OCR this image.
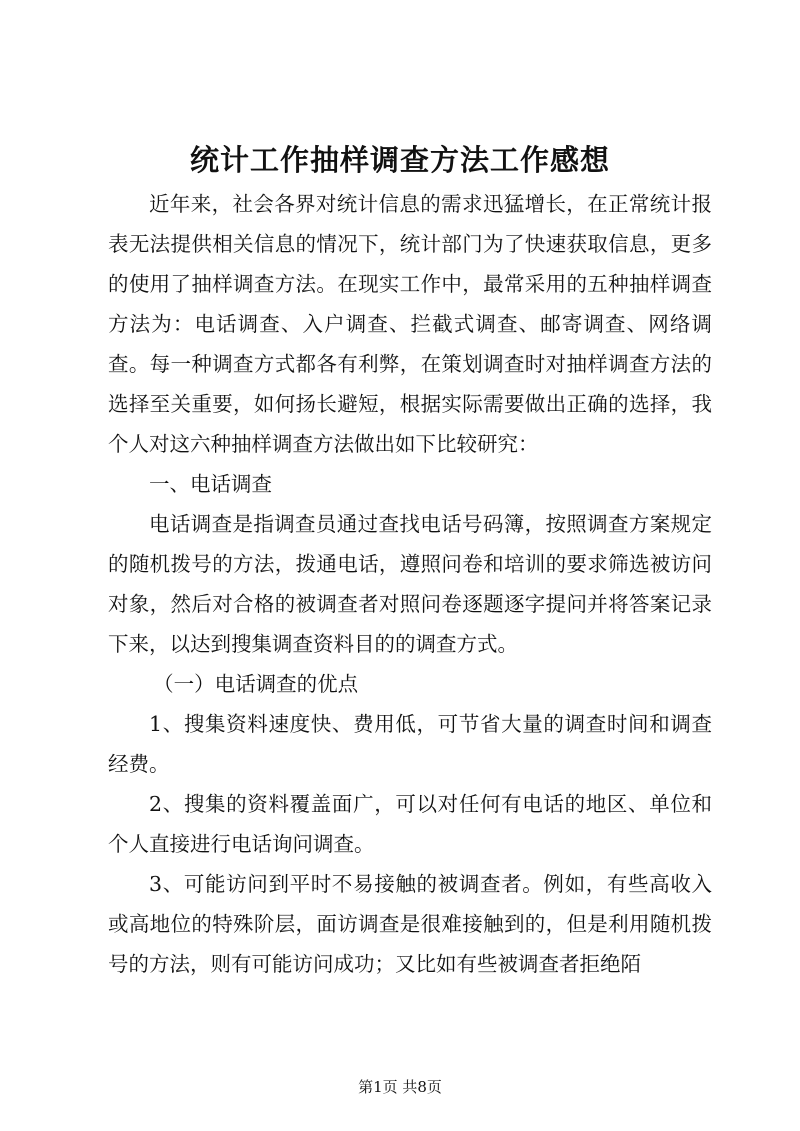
统计工作抽样调查方法工作感想

近年来，社会各界对统计信息的需求迅猛增长，在正常统计报表无法提供相关信息的情况下，统计部门为了快速获取信息，更多的使用了抽样调查方法。在现实工作中，最常采用的五种抽样调查方法为：电话调查、入户调查、拦截式调查、邮寄调查、网络调查。每一种调查方式都各有利弊，在策划调查时对抽样调查方法的选择至关重要，如何扬长避短，根据实际需要做出正确的选择，我个人对这六种抽样调查方法做出如下比较研究：

一、电话调查

电话调查是指调查员通过查找电话号码簿，按照调查方案规定的随机拨号的方法，拨通电话，遵照问卷和培训的要求筛选被访问对象，然后对合格的被调查者对照问卷逐题逐字提问并将答案记录下来，以达到搜集调查资料目的的调查方式。

（一）电话调查的优点

1、搜集资料速度快、费用低，可节省大量的调查时间和调查经费。

2、搜集的资料覆盖面广，可以对任何有电话的地区、单位和个人直接进行电话询问调查。

3、可能访问到平时不易接触的被调查者。例如，有些高收入或高地位的特殊阶层，面访调查是很难接触到的，但是利用随机拨号的方法，则有可能访问成功；又比如有些被调查者拒绝陌

第1页 共8页
